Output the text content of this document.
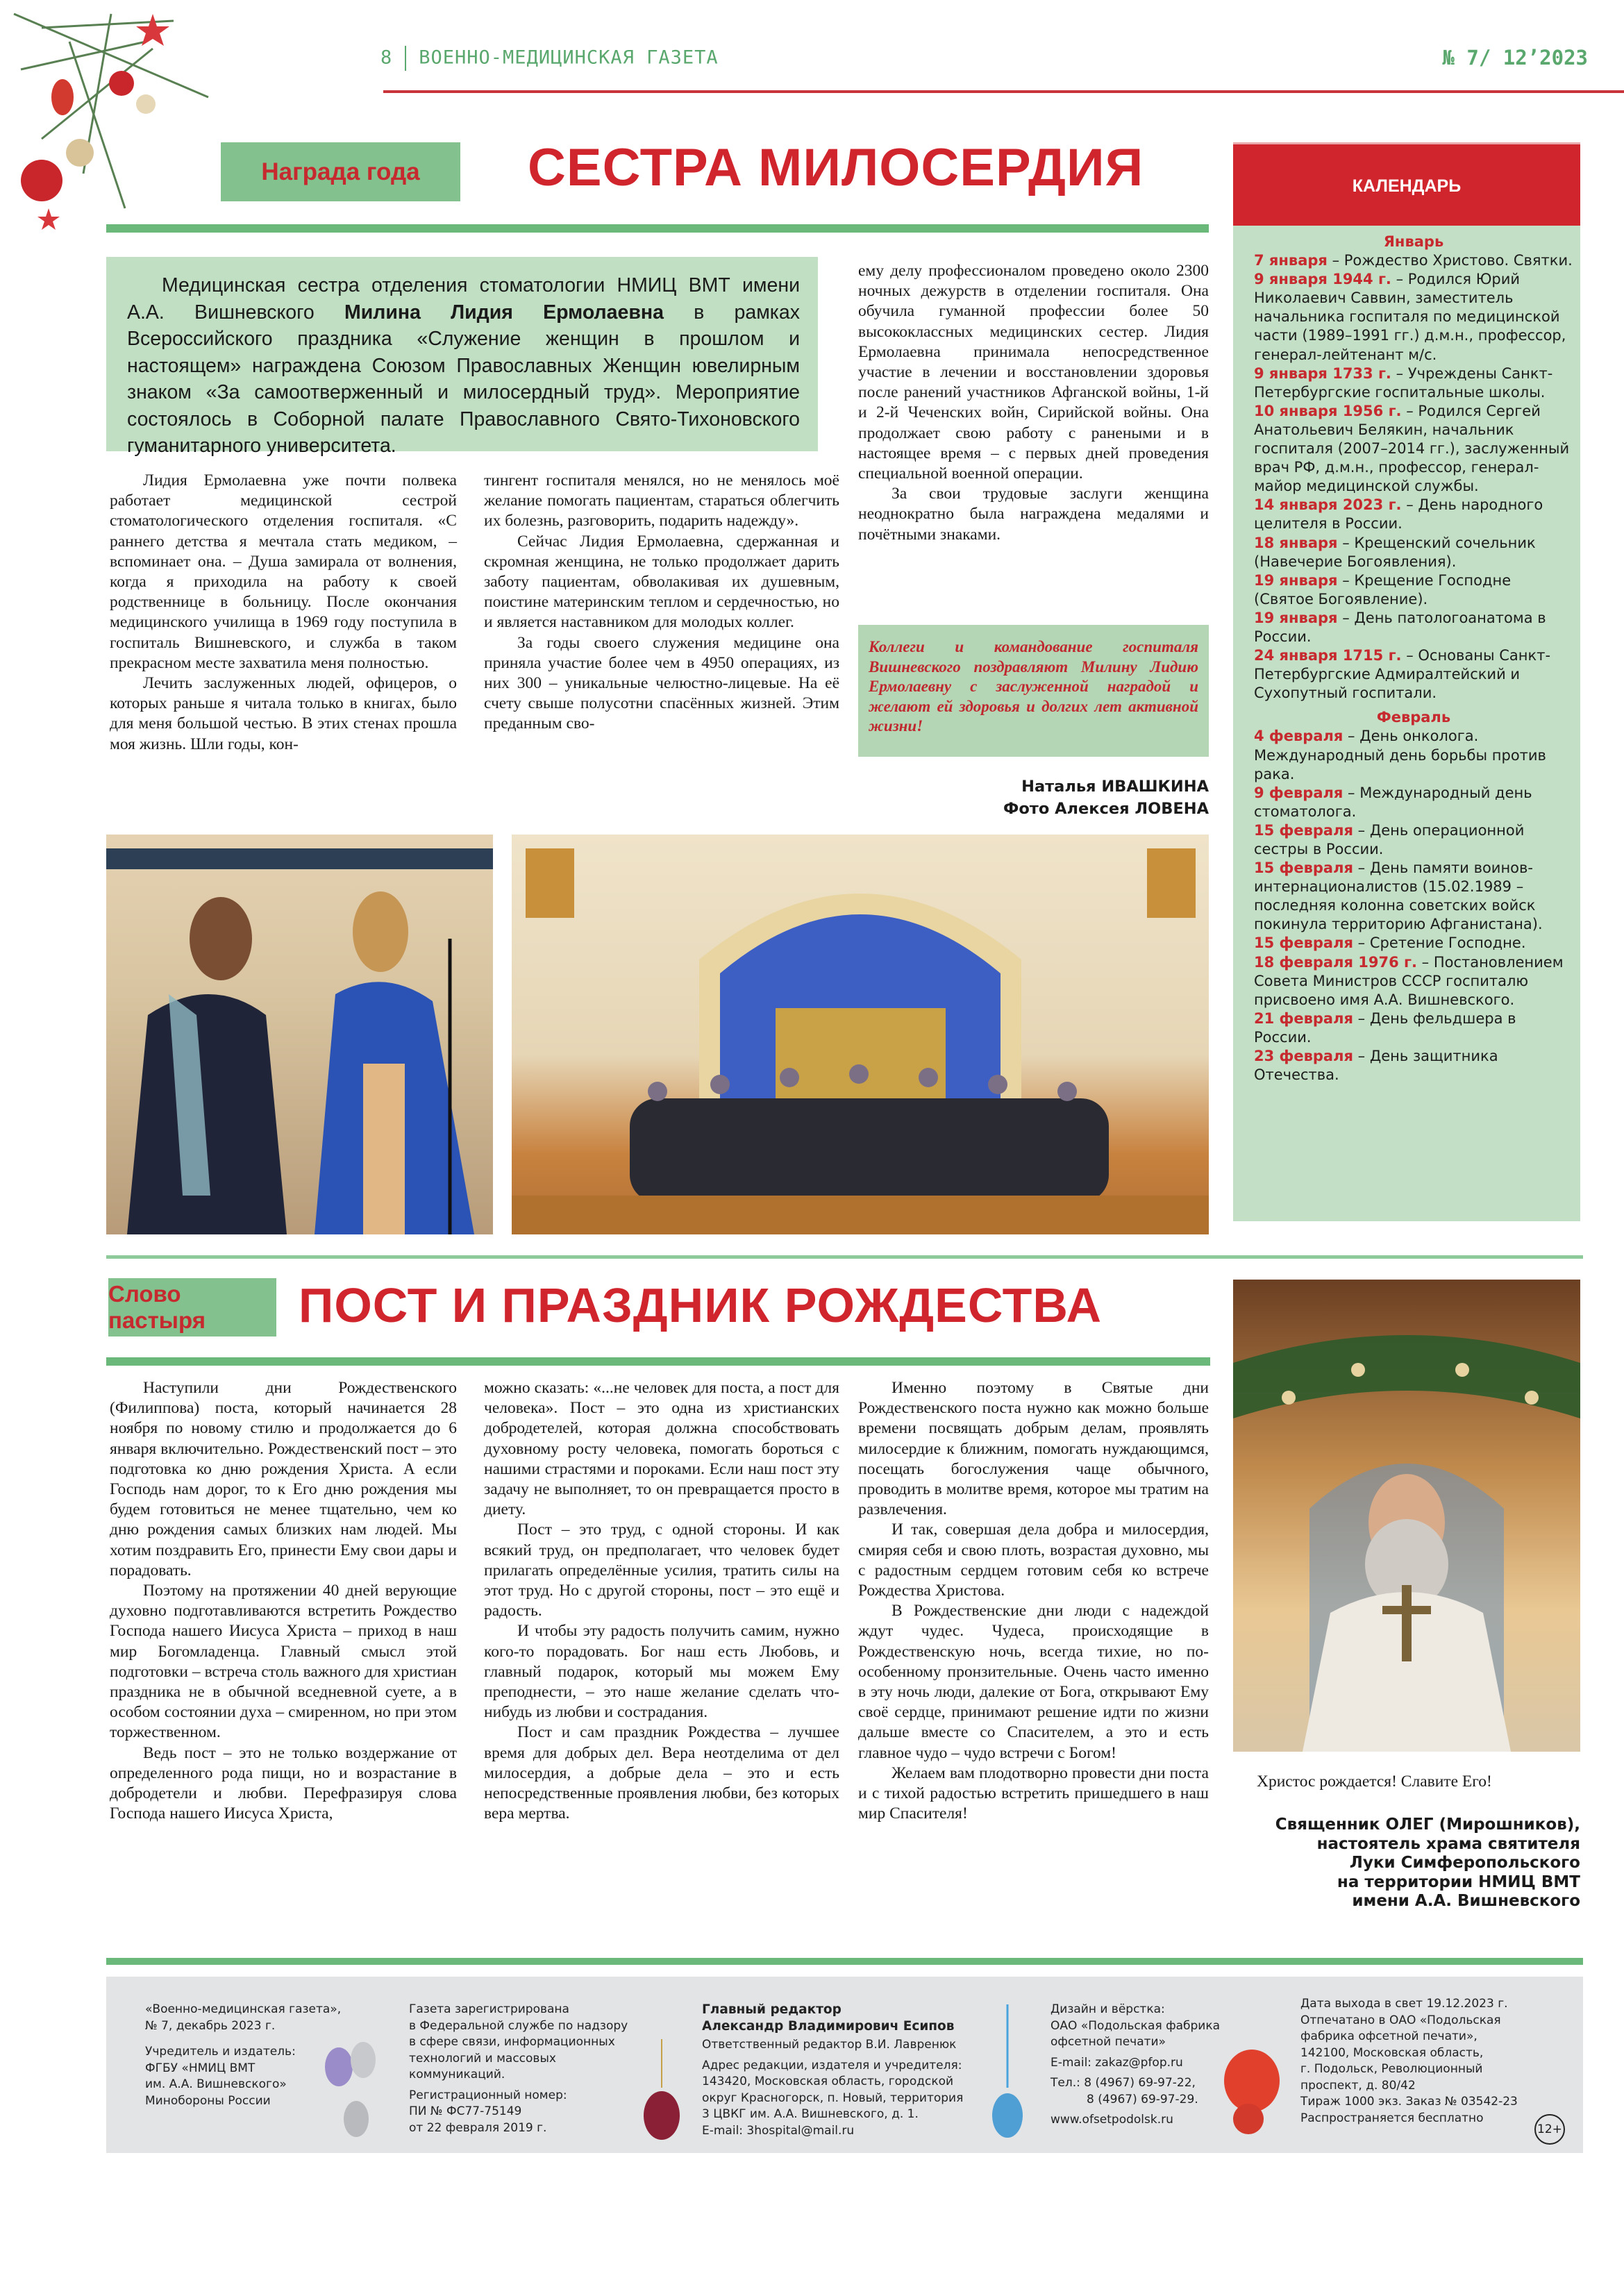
8 ВОЕННО-МЕДИЦИНСКАЯ ГАЗЕТА	№ 7/ 12’2023
Награда года	СЕСТРА МИЛОСЕРДИЯ
Медицинская сестра отделения стоматологии НМИЦ ВМТ имени А.А. Вишневского Милина Лидия Ермолаевна в рамках Всероссийского праздника «Служение женщин в прошлом и настоящем» награждена Союзом Православных Женщин ювелирным знаком «За самоотверженный и милосердный труд». Мероприятие состоялось в Соборной палате Православного Свято-Тихоновского гуманитарного университета.

Лидия Ермолаевна уже почти полвека работает медицинской сестрой стоматологического отделения госпиталя. «С раннего детства я мечтала стать медиком, – вспоминает она. – Душа замирала от волнения, когда я приходила на работу к своей родственнице в больницу. После окончания медицинского училища в 1969 году поступила в госпиталь Вишневского, и служба в таком прекрасном месте захватила меня полностью.

Лечить заслуженных людей, офицеров, о которых раньше я читала только в книгах, было для меня большой честью. В этих стенах прошла моя жизнь. Шли годы, кон-

тингент госпиталя менялся, но не менялось моё желание помогать пациентам, стараться облегчить их болезнь, разговорить, подарить надежду».

Сейчас Лидия Ермолаевна, сдержанная и скромная женщина, не только продолжает дарить заботу пациентам, обволакивая их душевным, поистине материнским теплом и сердечностью, но и является наставником для молодых коллег.

За годы своего служения медицине она приняла участие более чем в 4950 операциях, из них 300 – уникальные челюстно-лицевые. На её счету свыше полусотни спасённых жизней. Этим преданным сво-

ему делу профессионалом проведено около 2300 ночных дежурств в отделении госпиталя. Она обучила гуманной профессии более 50 высококлассных медицинских сестер. Лидия Ермолаевна принимала непосредственное участие в лечении и восстановлении здоровья после ранений участников Афганской войны, 1-й и 2-й Чеченских войн, Сирийской войны. Она продолжает свою работу с ранеными и в настоящее время – с первых дней проведения специальной военной операции.

За свои трудовые заслуги женщина неоднократно была награждена медалями и почётными знаками.

Коллеги и командование госпиталя Вишневского поздравляют Милину Лидию Ермолаевну с заслуженной наградой и желают ей здоровья и долгих лет активной жизни!
Наталья ИВАШКИНА
Фото Алексея ЛОВЕНА
КАЛЕНДАРЬ
Январь
7 января – Рождество Христово. Святки.
9 января 1944 г. – Родился Юрий Николаевич Саввин, заместитель начальника госпиталя по медицинской части (1989–1991 гг.) д.м.н., профессор, генерал-лейтенант м/с.
9 января 1733 г. – Учреждены Санкт-Петербургские госпитальные школы.
10 января 1956 г. – Родился Сергей Анатольевич Белякин, начальник госпиталя (2007–2014 гг.), заслуженный врач РФ, д.м.н., профессор, генерал-майор медицинской службы.
14 января 2023 г. – День народного целителя в России.
18 января – Крещенский сочельник (Навечерие Богоявления).
19 января – Крещение Господне (Святое Богоявление).
19 января – День патологоанатома в России.
24 января 1715 г. – Основаны Санкт-Петербургские Адмиралтейский и Сухопутный госпитали.
Февраль
4 февраля – День онколога. Международный день борьбы против рака.
9 февраля – Международный день стоматолога.
15 февраля – День операционной сестры в России.
15 февраля – День памяти воинов-интернационалистов (15.02.1989 – последняя колонна советских войск покинула территорию Афганистана).
15 февраля – Сретение Господне.
18 февраля 1976 г. – Постановлением Совета Министров СССР госпиталю присвоено имя А.А. Вишневского.
21 февраля – День фельдшера в России.
23 февраля – День защитника Отечества.
Слово пастыря	ПОСТ И ПРАЗДНИК РОЖДЕСТВА

Наступили дни Рождественского (Филиппова) поста, который начинается 28 ноября по новому стилю и продолжается до 6 января включительно. Рождественский пост – это подготовка ко дню рождения Христа. А если Господь нам дорог, то к Его дню рождения мы будем готовиться не менее тщательно, чем ко дню рождения самых близких нам людей. Мы хотим поздравить Его, принести Ему свои дары и порадовать.

Поэтому на протяжении 40 дней верующие духовно подготавливаются встретить Рождество Господа нашего Иисуса Христа – приход в наш мир Богомладенца. Главный смысл этой подготовки – встреча столь важного для христиан праздника не в обычной вседневной суете, а в особом состоянии духа – смиренном, но при этом торжественном.

Ведь пост – это не только воздержание от определенного рода пищи, но и возрастание в добродетели и любви. Перефразируя слова Господа нашего Иисуса Христа,

можно сказать: «...не человек для поста, а пост для человека». Пост – это одна из христианских добродетелей, которая должна способствовать духовному росту человека, помогать бороться с нашими страстями и пороками. Если наш пост эту задачу не выполняет, то он превращается просто в диету.

Пост – это труд, с одной стороны. И как всякий труд, он предполагает, что человек будет прилагать определённые усилия, тратить силы на этот труд. Но с другой стороны, пост – это ещё и радость.

И чтобы эту радость получить самим, нужно кого-то порадовать. Бог наш есть Любовь, и главный подарок, который мы можем Ему преподнести, – это наше желание сделать что-нибудь из любви и сострадания.

Пост и сам праздник Рождества – лучшее время для добрых дел. Вера неотделима от дел милосердия, а добрые дела – это и есть непосредственные проявления любви, без которых вера мертва.

Именно поэтому в Святые дни Рождественского поста нужно как можно больше времени посвящать добрым делам, проявлять милосердие к ближним, помогать нуждающимся, посещать богослужения чаще обычного, проводить в молитве время, которое мы тратим на развлечения.

И так, совершая дела добра и милосердия, смиряя себя и свою плоть, возрастая духовно, мы с радостным сердцем готовим себя ко встрече Рождества Христова.

В Рождественские дни люди с надеждой ждут чудес. Чудеса, происходящие в Рождественскую ночь, всегда тихие, но по-особенному пронзительные. Очень часто именно в эту ночь люди, далекие от Бога, открывают Ему своё сердце, принимают решение идти по жизни дальше вместе со Спасителем, а это и есть главное чудо – чудо встречи с Богом!

Желаем вам плодотворно провести дни поста и с тихой радостью встретить пришедшего в наш мир Спасителя!

Христос рождается! Славите Его!
Священник ОЛЕГ (Мирошников),
настоятель храма святителя
Луки Симферопольского
на территории НМИЦ ВМТ
имени А.А. Вишневского
«Военно-медицинская газета»,
№ 7, декабрь 2023 г.
Учредитель и издатель:
ФГБУ «НМИЦ ВМТ
им. А.А. Вишневского»
Минобороны России
Газета зарегистрирована
в Федеральной службе по надзору
в сфере связи, информационных
технологий и массовых
коммуникаций.
Регистрационный номер:
ПИ № ФС77-75149
от 22 февраля 2019 г.
Главный редактор
Александр Владимирович Есипов
Ответственный редактор В.И. Лавренюк
Адрес редакции, издателя и учредителя:
143420, Московская область, городской
округ Красногорск, п. Новый, территория
3 ЦВКГ им. А.А. Вишневского, д. 1.
E-mail: 3hospital@mail.ru
Дизайн и вёрстка:
ОАО «Подольская фабрика
офсетной печати»
E-mail: zakaz@pfop.ru
Тел.: 8 (4967) 69-97-22,
8 (4967) 69-97-29.
www.ofsetpodolsk.ru
Дата выхода в свет 19.12.2023 г.
Отпечатано в ОАО «Подольская
фабрика офсетной печати»,
142100, Московская область,
г. Подольск, Революционный
проспект, д. 80/42
Тираж 1000 экз. Заказ № 03542-23
Распространяется бесплатно
12+
